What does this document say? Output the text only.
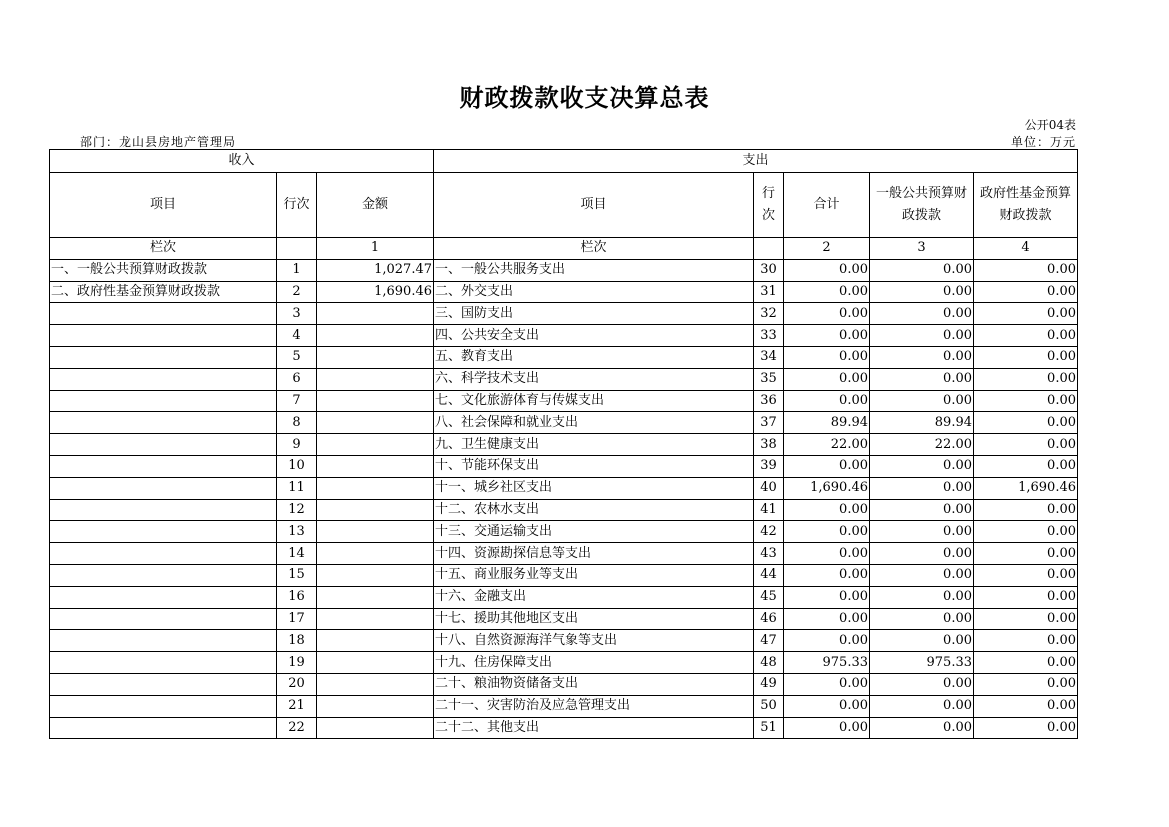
财政拨款收支决算总表
公开04表
部门：龙山县房地产管理局	单位：万元
收入			支出				
项目	行次	金额	项目	行次	合计	一般公共预算财政拨款	政府性基金预算财政拨款
栏次		1	栏次		2	3	4
一、一般公共预算财政拨款	1	1,027.47	一、一般公共服务支出	30	0.00	0.00	0.00
二、政府性基金预算财政拨款	2	1,690.46	二、外交支出	31	0.00	0.00	0.00
	3		三、国防支出	32	0.00	0.00	0.00
	4		四、公共安全支出	33	0.00	0.00	0.00
	5		五、教育支出	34	0.00	0.00	0.00
	6		六、科学技术支出	35	0.00	0.00	0.00
	7		七、文化旅游体育与传媒支出	36	0.00	0.00	0.00
	8		八、社会保障和就业支出	37	89.94	89.94	0.00
	9		九、卫生健康支出	38	22.00	22.00	0.00
	10		十、节能环保支出	39	0.00	0.00	0.00
	11		十一、城乡社区支出	40	1,690.46	0.00	1,690.46
	12		十二、农林水支出	41	0.00	0.00	0.00
	13		十三、交通运输支出	42	0.00	0.00	0.00
	14		十四、资源勘探信息等支出	43	0.00	0.00	0.00
	15		十五、商业服务业等支出	44	0.00	0.00	0.00
	16		十六、金融支出	45	0.00	0.00	0.00
	17		十七、援助其他地区支出	46	0.00	0.00	0.00
	18		十八、自然资源海洋气象等支出	47	0.00	0.00	0.00
	19		十九、住房保障支出	48	975.33	975.33	0.00
	20		二十、粮油物资储备支出	49	0.00	0.00	0.00
	21		二十一、灾害防治及应急管理支出	50	0.00	0.00	0.00
	22		二十二、其他支出	51	0.00	0.00	0.00
